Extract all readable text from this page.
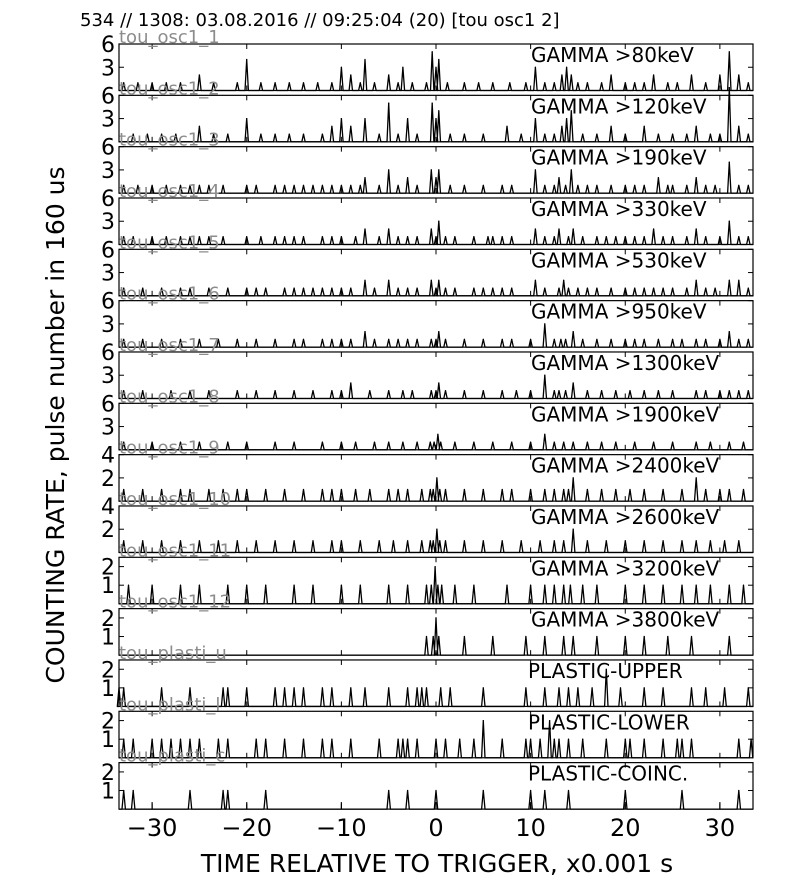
534 // 1308: 03.08.2016 // 09:25:04 (20) [tou osc1 2]
COUNTING RATE, pulse number in 160 us
TIME RELATIVE TO TRIGGER, x0.001 s
3
6 tou_osc1_1
GAMMA >80keV
3
6 tou_osc1_2
GAMMA >120keV
3
6 tou_osc1_3
GAMMA >190keV
3
6 tou_osc1_4
GAMMA >330keV
3
6 tou_osc1_5
GAMMA >530keV
3
6 tou_osc1_6
GAMMA >950keV
3
6 tou_osc1_7
GAMMA >1300keV
3
6 tou_osc1_8
GAMMA >1900keV
2
4 tou_osc1_9
GAMMA >2400keV
2
4 tou_osc1_10
GAMMA >2600keV
1
2
tou_osc1_11
GAMMA >3200keV
1
2
tou_osc1_12
GAMMA >3800keV
1
2
tou_plasti_u
PLASTIC-UPPER
1
2
tou_plasti_l
PLASTIC-LOWER
1
2
tou_plasti_c
PLASTIC-COINC.
−30 −20 −10	0	10	20	30
